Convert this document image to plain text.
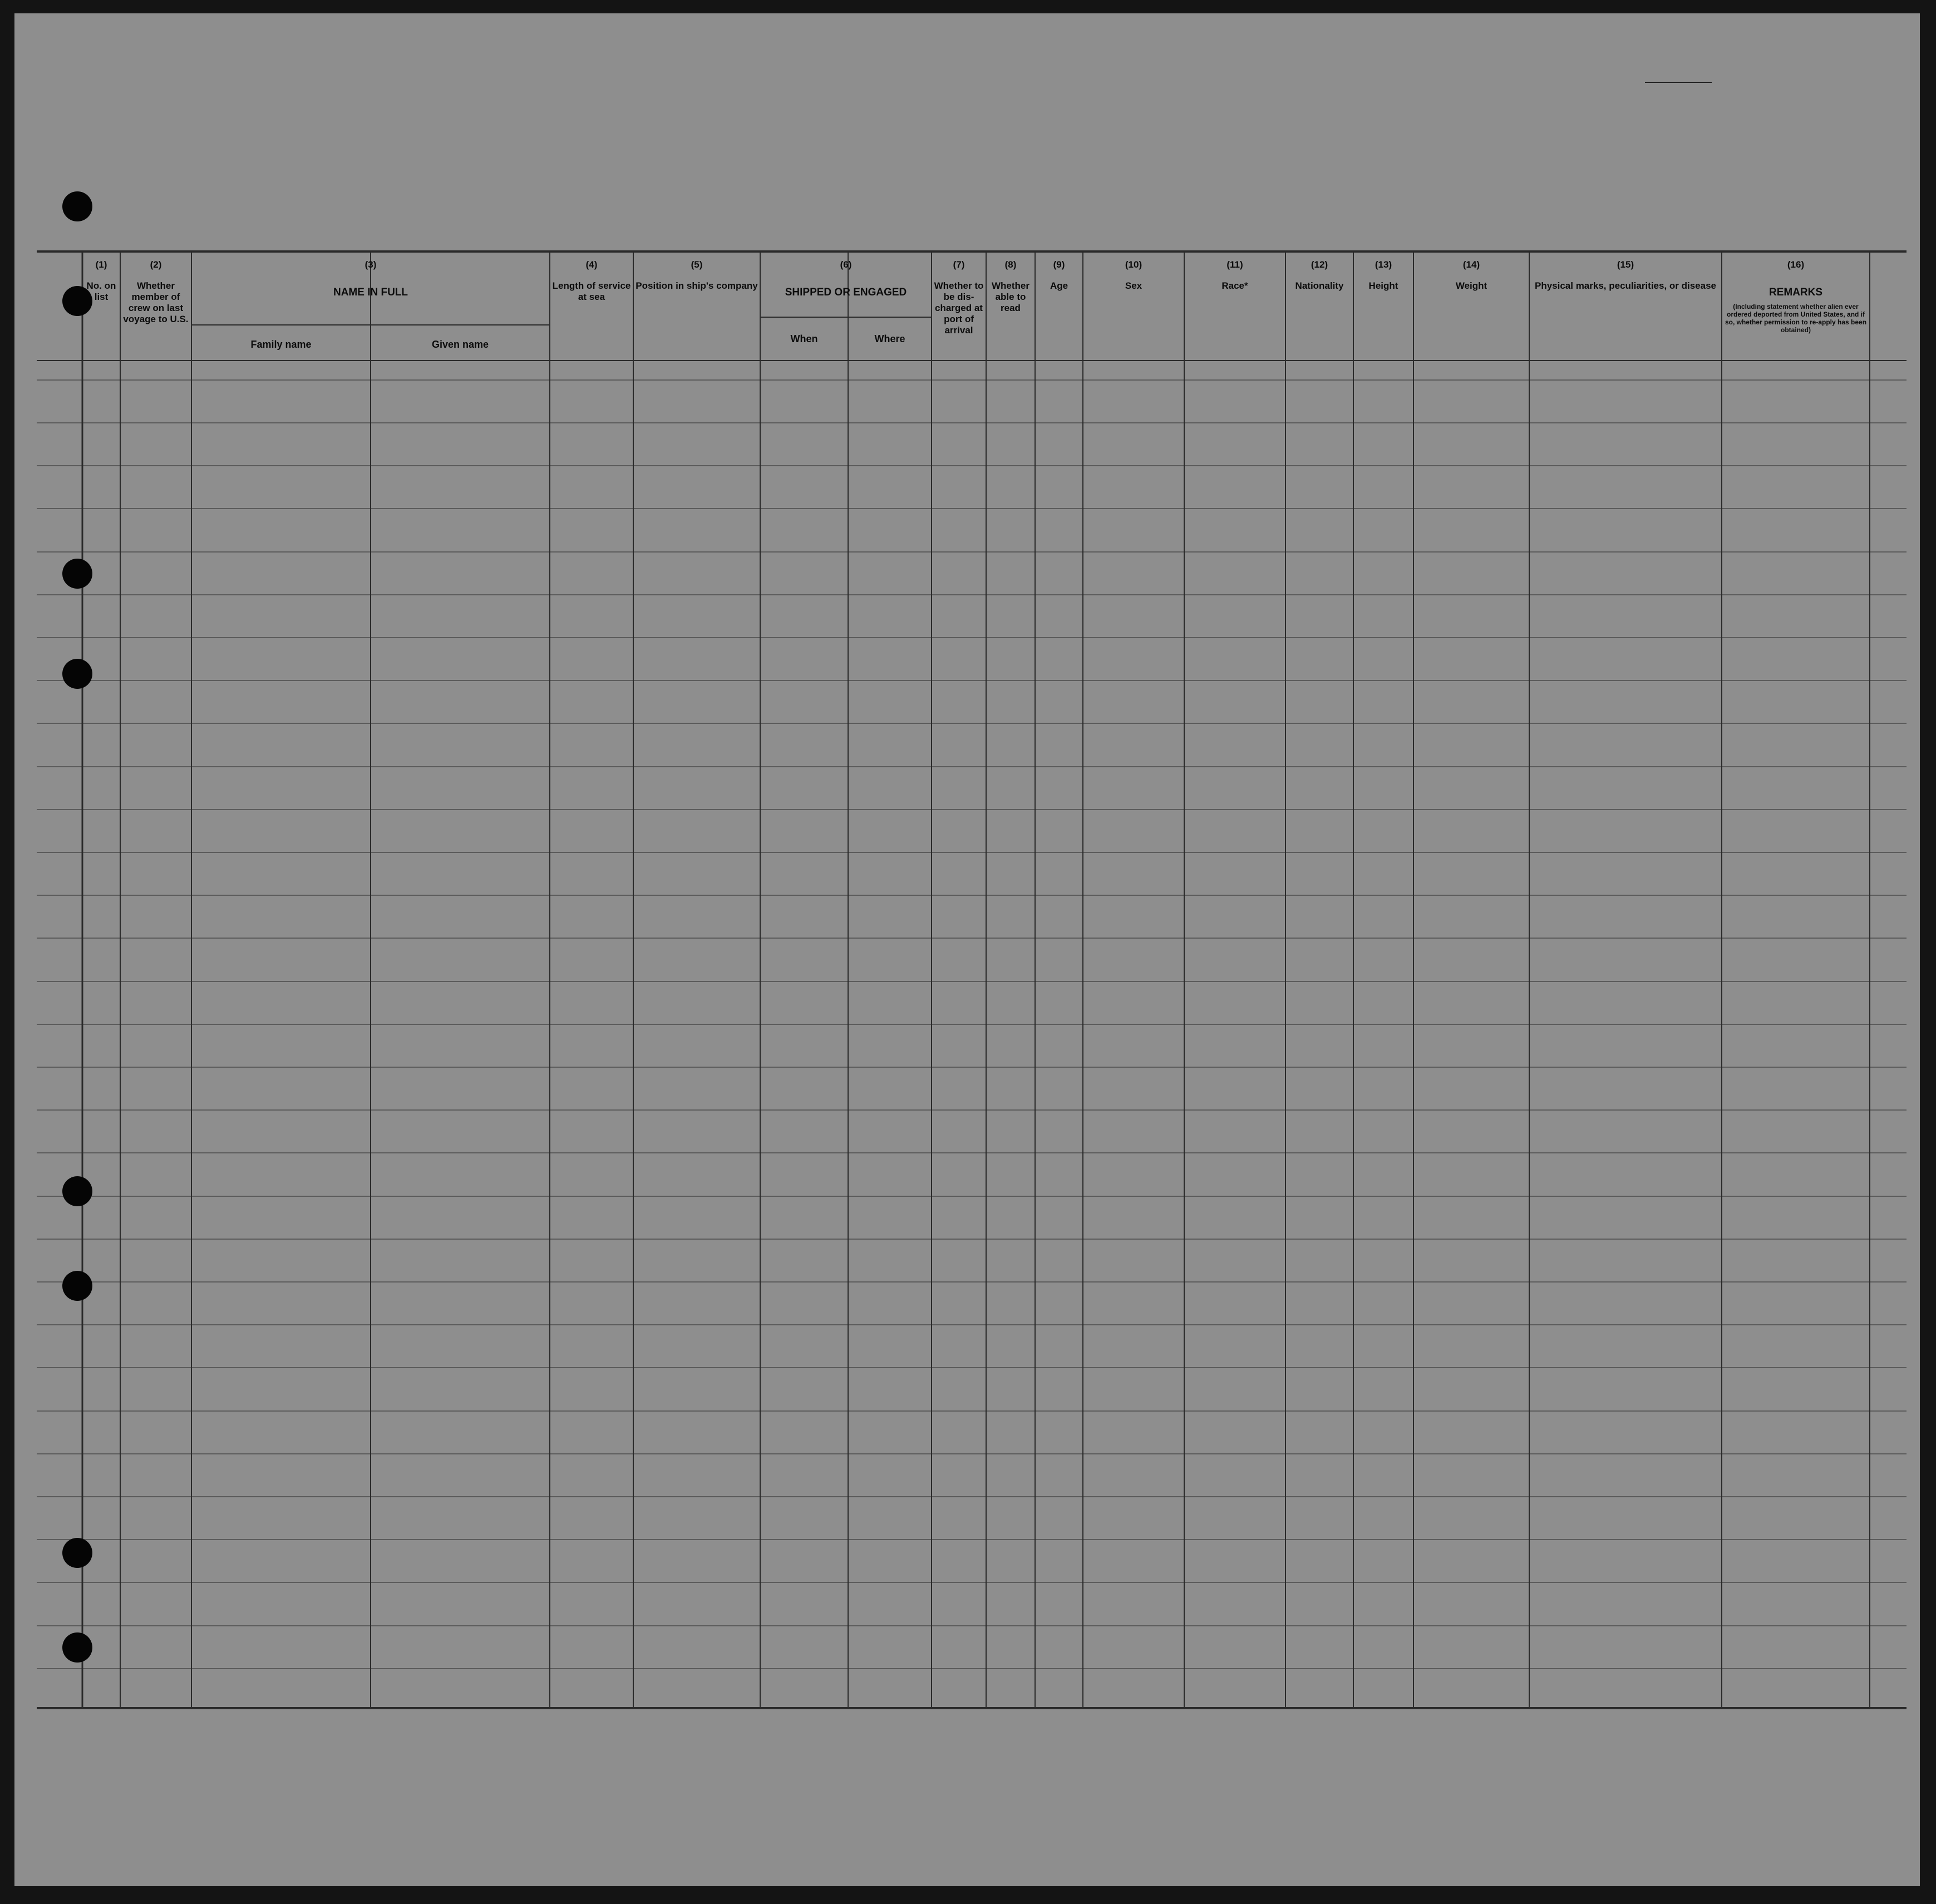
(1)
No. on list
(2)
Whether member of crew on last voyage to U.S.
(3)
NAME IN FULL
Family name	Given name
(4)
Length of service at sea
(5)
Position in ship's company
(6)
SHIPPED OR ENGAGED
When	Where
(7)
Whether to be dis-charged at port of arrival
(8)
Whether able to read
(9)
Age
(10)
Sex
(11)
Race*
(12)
Nationality
(13)
Height
(14)
Weight
(15)
Physical marks, peculiarities, or disease
(16)
REMARKS
(Including statement whether alien ever ordered deported from United States, and if so, whether permission to re-apply has been obtained)
